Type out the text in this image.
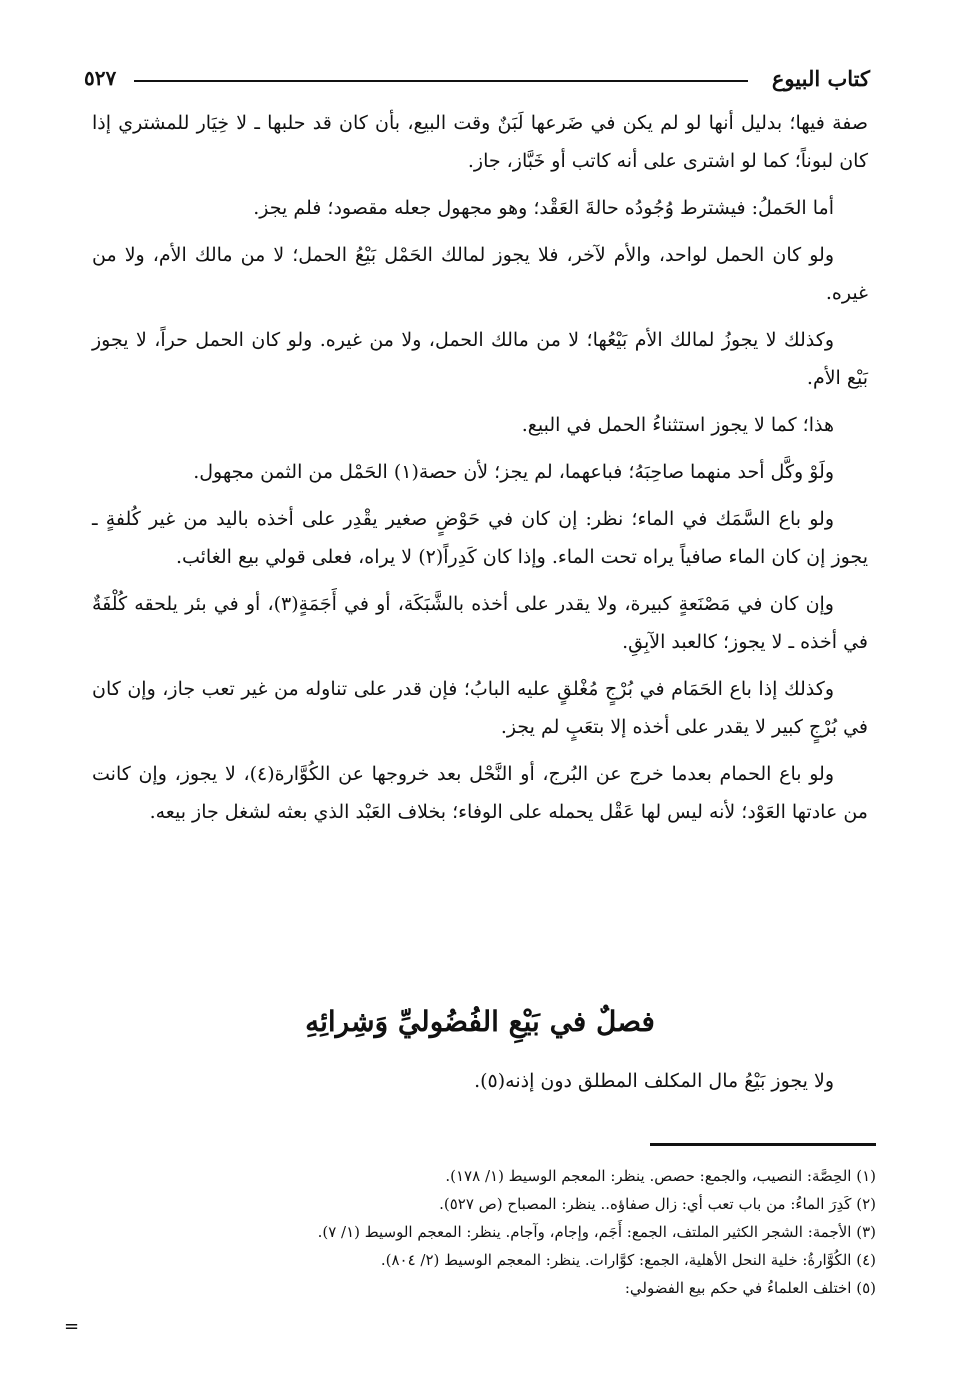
كتاب البيوع
٥٢٧

صفة فيها؛ بدليل أنها لو لم يكن في ضَرعها لَبَنٌ وقت البيع، بأن كان قد حلبها ـ لا خِيَار للمشتري إذا كان لبوناً؛ كما لو اشترى على أنه كاتب أو خَبَّاز، جاز.

أما الحَملُ: فيشترط وُجُودُه حالةَ العَقْد؛ وهو مجهول جعله مقصود؛ فلم يجز.

ولو كان الحمل لواحد، والأم لآخر، فلا يجوز لمالك الحَمْل بَيْعُ الحمل؛ لا من مالك الأم، ولا من غيره.

وكذلك لا يجوزُ لمالك الأم بَيْعُها؛ لا من مالك الحمل، ولا من غيره. ولو كان الحمل حراً، لا يجوز بَيْع الأم.

هذا؛ كما لا يجوز استثناءُ الحمل في البيع.

ولَوْ وكَّل أحد منهما صاحِبَهُ؛ فباعهما، لم يجز؛ لأن حصة(١) الحَمْل من الثمن مجهول.

ولو باع السَّمَك في الماء؛ نظر: إن كان في حَوْضٍ صغير يقْدِر على أخذه باليد من غير كُلفةٍ ـ يجوز إن كان الماء صافياً يراه تحت الماء. وإذا كان كَدِراً(٢) لا يراه، فعلى قولي بيع الغائب.

وإن كان في مَصْنَعةٍ كبيرة، ولا يقدر على أخذه بالشَّبَكَة، أو في أَجَمَةٍ(٣)، أو في بئر يلحقه كُلْفَةٌ في أخذه ـ لا يجوز؛ كالعبد الآبِقِ.

وكذلك إذا باع الحَمَام في بُرْجٍ مُغْلقٍ عليه البابُ؛ فإن قدر على تناوله من غير تعب جاز، وإن كان في بُرْجٍ كبير لا يقدر على أخذه إلا بتعَبٍ لم يجز.

ولو باع الحمام بعدما خرج عن البُرج، أو النَّحْل بعد خروجها عن الكُوَّارة(٤)، لا يجوز، وإن كانت من عادتها العَوْد؛ لأنه ليس لها عَقْل يحمله على الوفاء؛ بخلاف العَبْد الذي بعثه لشغل جاز بيعه.

فصلٌ في بَيْعِ الفُضُوليِّ وَشِرائِهِ
ولا يجوز بَيْعُ مال المكلف المطلق دون إذنه(٥).
(١) الحِصَّة: النصيب، والجمع: حصص. ينظر: المعجم الوسيط (١/ ١٧٨).
(٢) كَدِرَ الماءُ: من باب تعب أي: زال صفاؤه.. ينظر: المصباح (ص ٥٢٧).
(٣) الأجمة: الشجر الكثير الملتف، الجمع: أَجَم، وإجام، وآجام. ينظر: المعجم الوسيط (١/ ٧).
(٤) الكُوَّارةُ: خلية النحل الأهلية، الجمع: كوَّارات. ينظر: المعجم الوسيط (٢/ ٨٠٤).
(٥) اختلف العلماءُ في حكم بيع الفضولي:
=
